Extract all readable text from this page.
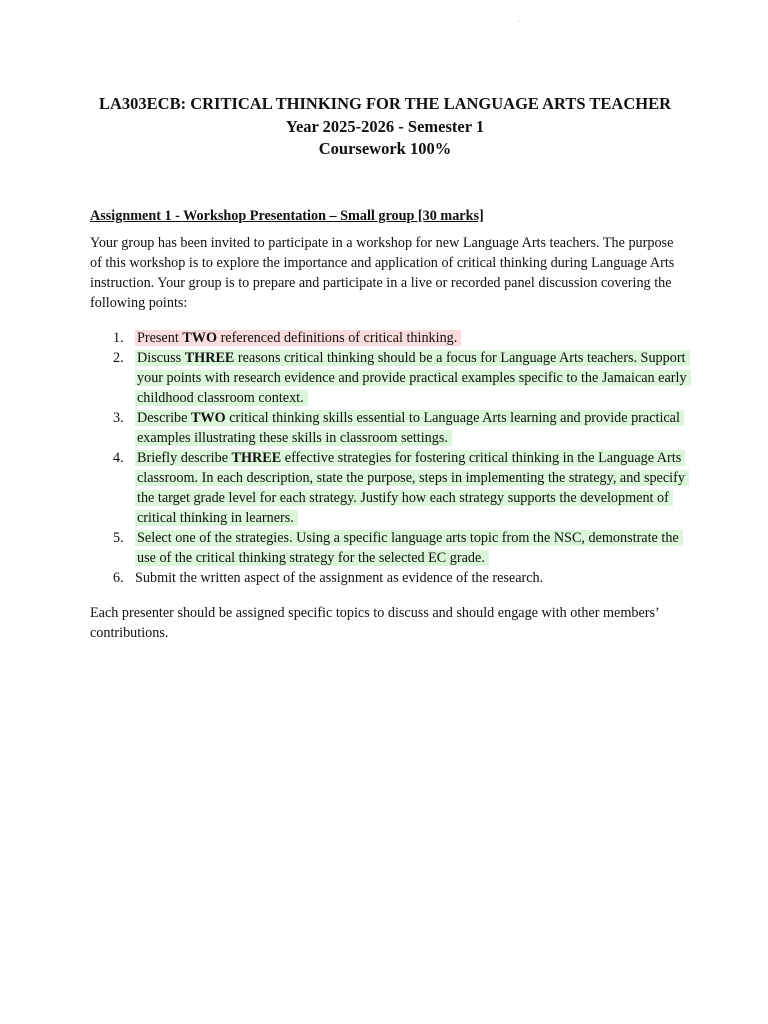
LA303ECB: CRITICAL THINKING FOR THE LANGUAGE ARTS TEACHER
Year 2025-2026 - Semester 1
Coursework 100%
Assignment 1 - Workshop Presentation – Small group [30 marks]

Your group has been invited to participate in a workshop for new Language Arts teachers. The purpose of this workshop is to explore the importance and application of critical thinking during Language Arts instruction. Your group is to prepare and participate in a live or recorded panel discussion covering the following points:

1. Present TWO referenced definitions of critical thinking.
2. Discuss THREE reasons critical thinking should be a focus for Language Arts teachers. Support your points with research evidence and provide practical examples specific to the Jamaican early childhood classroom context.
3. Describe TWO critical thinking skills essential to Language Arts learning and provide practical examples illustrating these skills in classroom settings.
4. Briefly describe THREE effective strategies for fostering critical thinking in the Language Arts classroom. In each description, state the purpose, steps in implementing the strategy, and specify the target grade level for each strategy. Justify how each strategy supports the development of critical thinking in learners.
5. Select one of the strategies. Using a specific language arts topic from the NSC, demonstrate the use of the critical thinking strategy for the selected EC grade.
6. Submit the written aspect of the assignment as evidence of the research.

Each presenter should be assigned specific topics to discuss and should engage with other members’ contributions.
